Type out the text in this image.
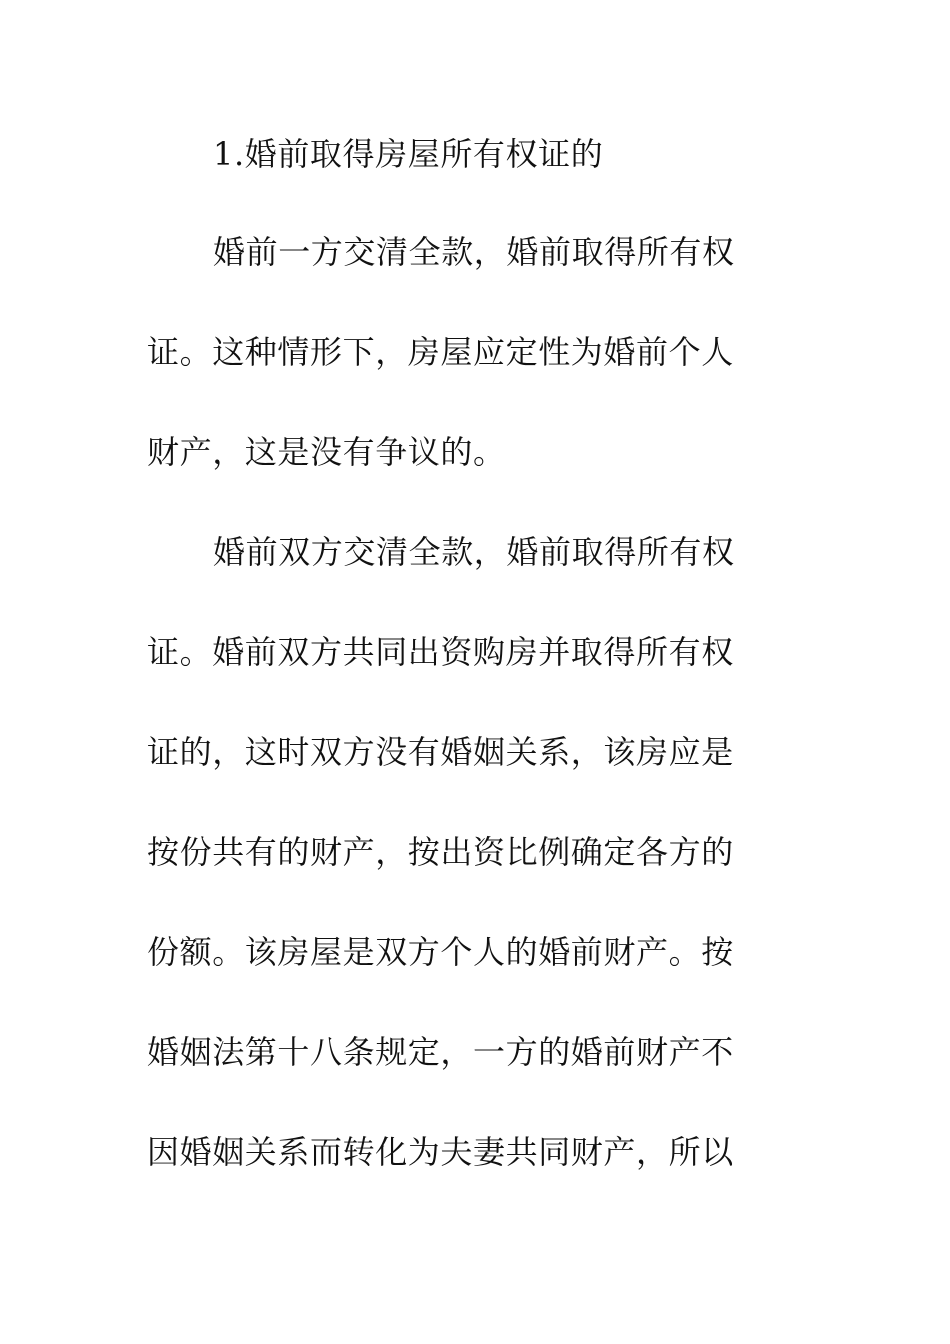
1.婚前取得房屋所有权证的
婚前一方交清全款，婚前取得所有权
证。这种情形下，房屋应定性为婚前个人
财产，这是没有争议的。
婚前双方交清全款，婚前取得所有权
证。婚前双方共同出资购房并取得所有权
证的，这时双方没有婚姻关系，该房应是
按份共有的财产，按出资比例确定各方的
份额。该房屋是双方个人的婚前财产。按
婚姻法第十八条规定，一方的婚前财产不
因婚姻关系而转化为夫妻共同财产，所以
